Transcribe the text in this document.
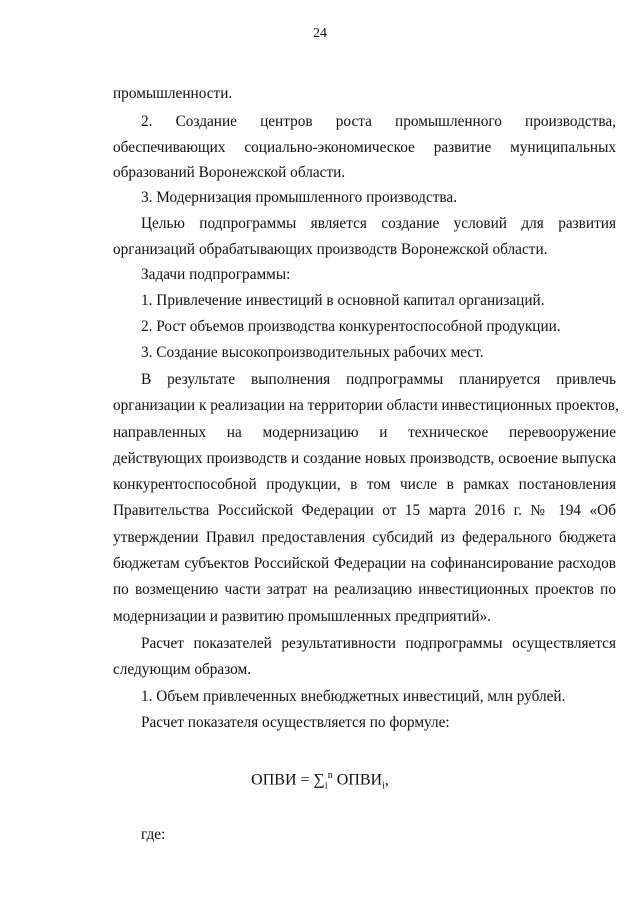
24
промышленности.
2. Создание центров роста промышленного производства,
обеспечивающих социально-экономическое развитие муниципальных
образований Воронежской области.
3. Модернизация промышленного производства.
Целью подпрограммы является создание условий для развития
организаций обрабатывающих производств Воронежской области.
Задачи подпрограммы:
1. Привлечение инвестиций в основной капитал организаций.
2. Рост объемов производства конкурентоспособной продукции.
3. Создание высокопроизводительных рабочих мест.
В результате выполнения подпрограммы планируется привлечь
организации к реализации на территории области инвестиционных проектов,
направленных на модернизацию и техническое перевооружение
действующих производств и создание новых производств, освоение выпуска
конкурентоспособной продукции, в том числе в рамках постановления
Правительства Российской Федерации от 15 марта 2016 г. № 194 «Об
утверждении Правил предоставления субсидий из федерального бюджета
бюджетам субъектов Российской Федерации на софинансирование расходов
по возмещению части затрат на реализацию инвестиционных проектов по
модернизации и развитию промышленных предприятий».
Расчет показателей результативности подпрограммы осуществляется
следующим образом.
1. Объем привлеченных внебюджетных инвестиций, млн рублей.
Расчет показателя осуществляется по формуле:
ОПВИ = $\sum_i^n$ $ОПВИ_i$,
где:
